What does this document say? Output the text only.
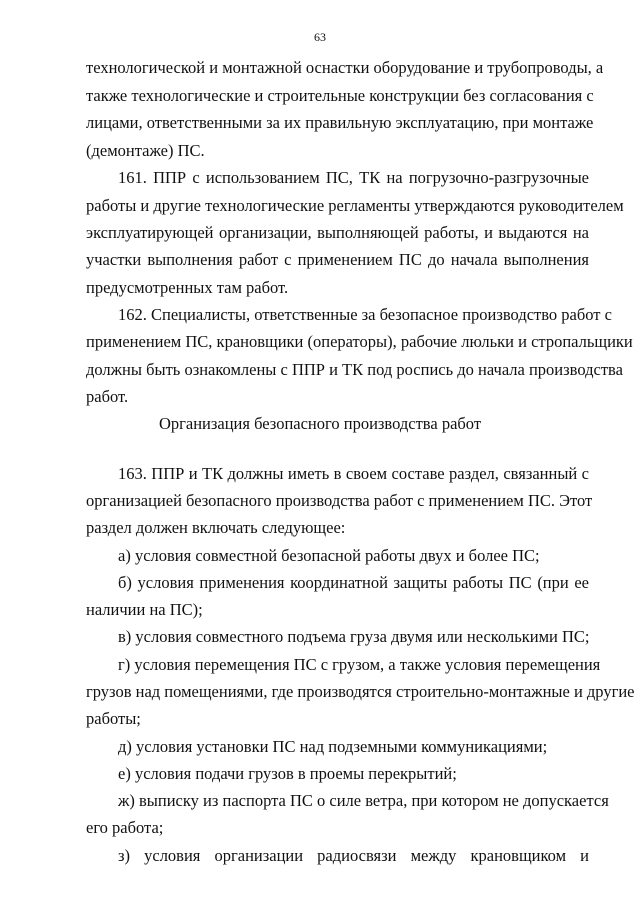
63
технологической и монтажной оснастки оборудование и трубопроводы, а
также технологические и строительные конструкции без согласования с
лицами, ответственными за их правильную эксплуатацию, при монтаже
(демонтаже) ПС.
161. ППР с использованием ПС, ТК на погрузочно-разгрузочные
работы и другие технологические регламенты утверждаются руководителем
эксплуатирующей организации, выполняющей работы, и выдаются на
участки выполнения работ с применением ПС до начала выполнения
предусмотренных там работ.
162. Специалисты, ответственные за безопасное производство работ с
применением ПС, крановщики (операторы), рабочие люльки и стропальщики
должны быть ознакомлены с ППР и ТК под роспись до начала производства
работ.
Организация безопасного производства работ
163. ППР и ТК должны иметь в своем составе раздел, связанный с
организацией безопасного производства работ с применением ПС. Этот
раздел должен включать следующее:
а) условия совместной безопасной работы двух и более ПС;
б) условия применения координатной защиты работы ПС (при ее
наличии на ПС);
в) условия совместного подъема груза двумя или несколькими ПС;
г) условия перемещения ПС с грузом, а также условия перемещения
грузов над помещениями, где производятся строительно-монтажные и другие
работы;
д) условия установки ПС над подземными коммуникациями;
е) условия подачи грузов в проемы перекрытий;
ж) выписку из паспорта ПС о силе ветра, при котором не допускается
его работа;
з) условия организации радиосвязи между крановщиком и
